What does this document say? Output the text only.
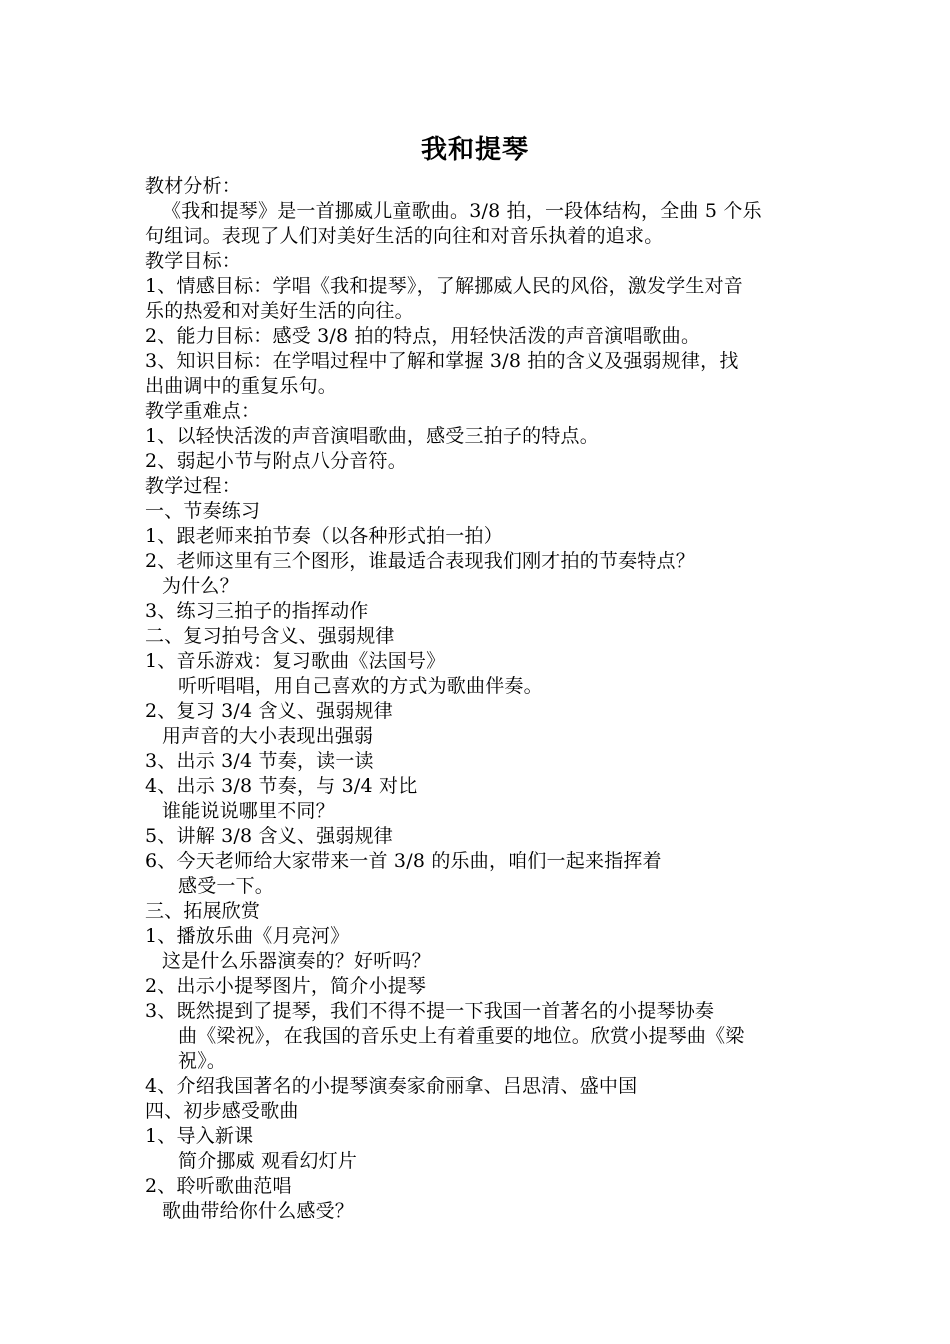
我和提琴
教材分析：
《我和提琴》是一首挪威儿童歌曲。3/8 拍，一段体结构，全曲 5 个乐
句组词。表现了人们对美好生活的向往和对音乐执着的追求。
教学目标：
1、情感目标：学唱《我和提琴》，了解挪威人民的风俗，激发学生对音
乐的热爱和对美好生活的向往。
2、能力目标：感受 3/8 拍的特点，用轻快活泼的声音演唱歌曲。
3、知识目标：在学唱过程中了解和掌握 3/8 拍的含义及强弱规律，找
出曲调中的重复乐句。
教学重难点：
1、以轻快活泼的声音演唱歌曲，感受三拍子的特点。
2、弱起小节与附点八分音符。
教学过程：
一、节奏练习
1、跟老师来拍节奏（以各种形式拍一拍）
2、老师这里有三个图形，谁最适合表现我们刚才拍的节奏特点？
为什么？
3、练习三拍子的指挥动作
二、复习拍号含义、强弱规律
1、音乐游戏：复习歌曲《法国号》
听听唱唱，用自己喜欢的方式为歌曲伴奏。
2、复习 3/4 含义、强弱规律
用声音的大小表现出强弱
3、出示 3/4 节奏，读一读
4、出示 3/8 节奏，与 3/4 对比
谁能说说哪里不同？
5、讲解 3/8 含义、强弱规律
6、今天老师给大家带来一首 3/8 的乐曲，咱们一起来指挥着
感受一下。
三、拓展欣赏
1、播放乐曲《月亮河》
这是什么乐器演奏的？好听吗？
2、出示小提琴图片，简介小提琴
3、既然提到了提琴，我们不得不提一下我国一首著名的小提琴协奏
曲《梁祝》，在我国的音乐史上有着重要的地位。欣赏小提琴曲《梁
祝》。
4、介绍我国著名的小提琴演奏家俞丽拿、吕思清、盛中国
四、初步感受歌曲
1、导入新课
简介挪威 观看幻灯片
2、聆听歌曲范唱
歌曲带给你什么感受？
